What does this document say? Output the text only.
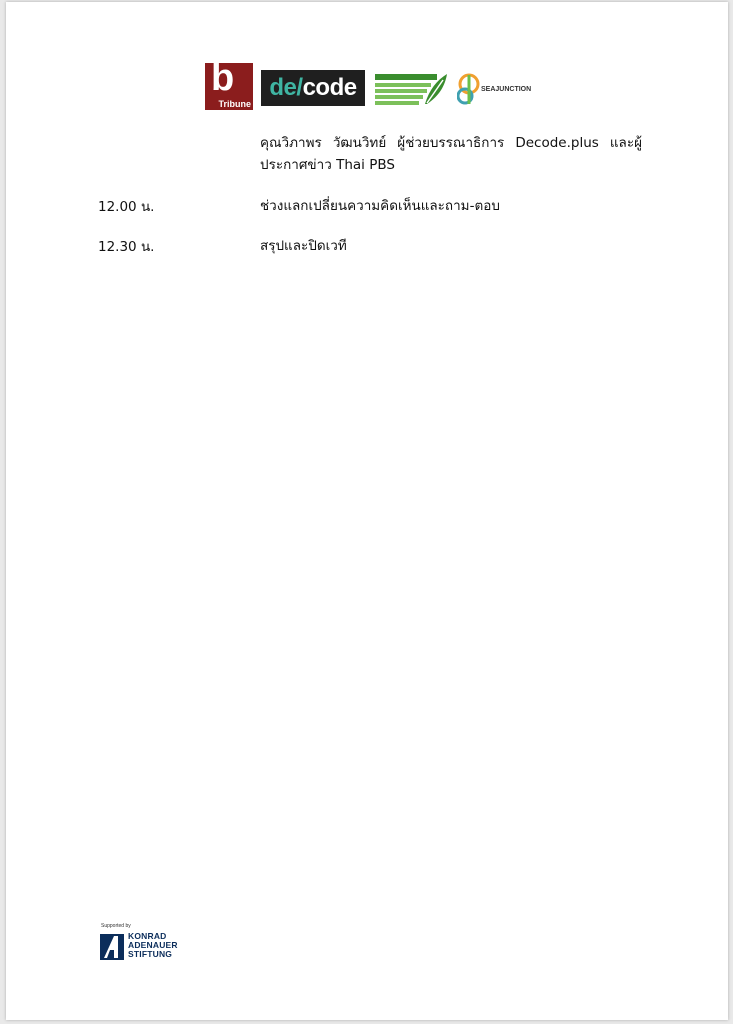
b
Tribune
de/code	SEAJUNCTION
คุณวิภาพร วัฒนวิทย์ ผู้ช่วยบรรณาธิการ Decode.plus และผู้ประกาศข่าว Thai PBS
12.00 น.	ช่วงแลกเปลี่ยนความคิดเห็นและถาม-ตอบ
12.30 น.	สรุปและปิดเวที
Supported by
KONRAD
ADENAUER
STIFTUNG
